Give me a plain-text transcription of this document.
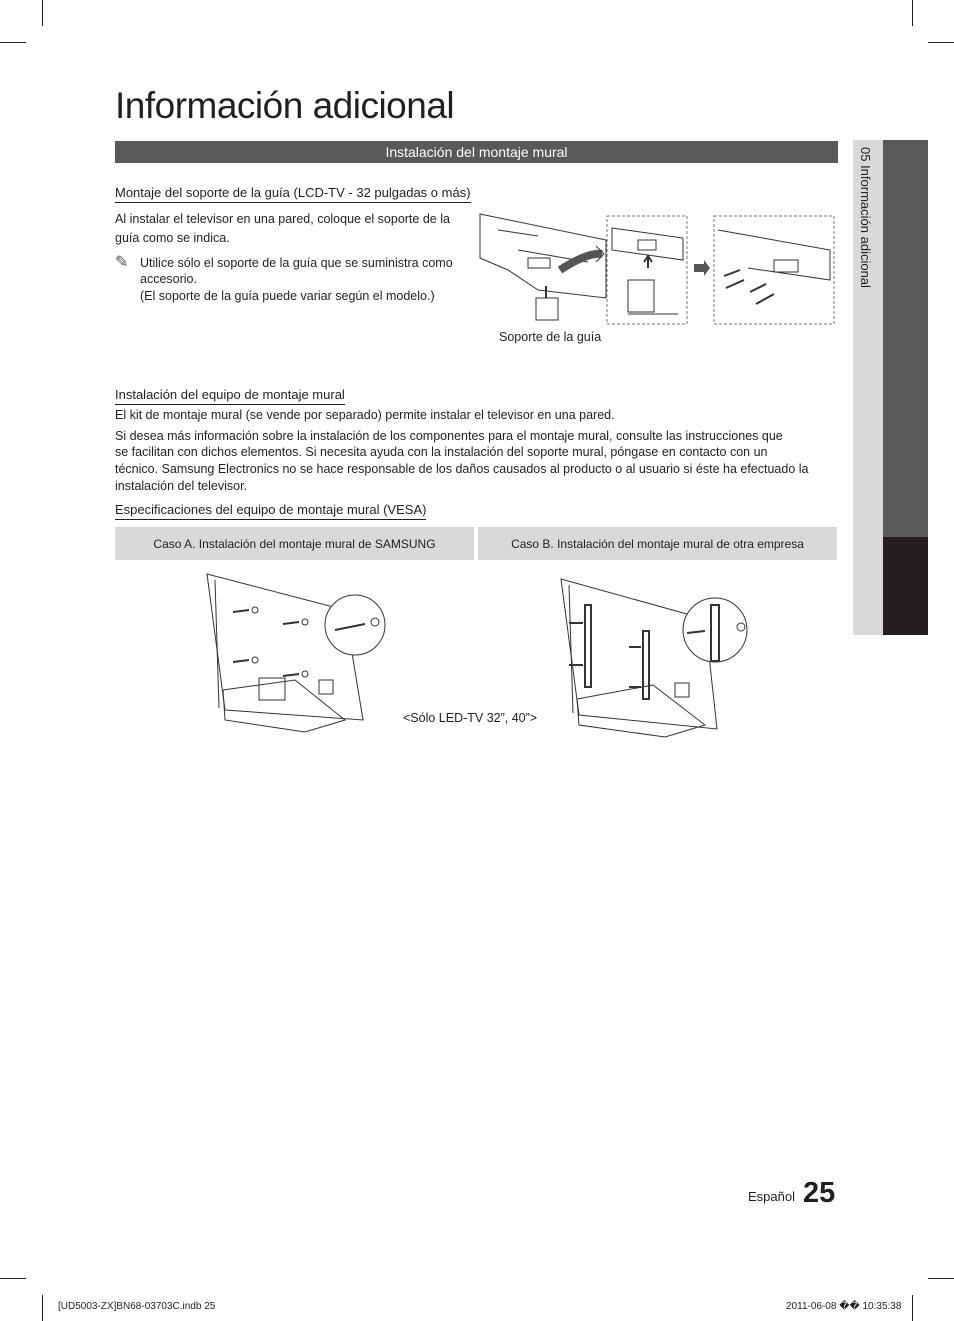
Información adicional
Instalación del montaje mural	05 Información adicional
Montaje del soporte de la guía (LCD-TV - 32 pulgadas o más)
Al instalar el televisor en una pared, coloque el soporte de la
guía como se indica.
✎ Utilice sólo el soporte de la guía que se suministra como
accesorio.
(El soporte de la guía puede variar según el modelo.)
Soporte de la guía
Instalación del equipo de montaje mural
El kit de montaje mural (se vende por separado) permite instalar el televisor en una pared.
Si desea más información sobre la instalación de los componentes para el montaje mural, consulte las instrucciones que
se facilitan con dichos elementos. Si necesita ayuda con la instalación del soporte mural, póngase en contacto con un
técnico. Samsung Electronics no se hace responsable de los daños causados al producto o al usuario si éste ha efectuado la
instalación del televisor.
Especificaciones del equipo de montaje mural (VESA)
Caso A. Instalación del montaje mural de SAMSUNG	Caso B. Instalación del montaje mural de otra empresa
<Sólo LED-TV 32”, 40”>
Español 25
[UD5003-ZX]BN68-03703C.indb 25	2011-06-08 �� 10:35:38
